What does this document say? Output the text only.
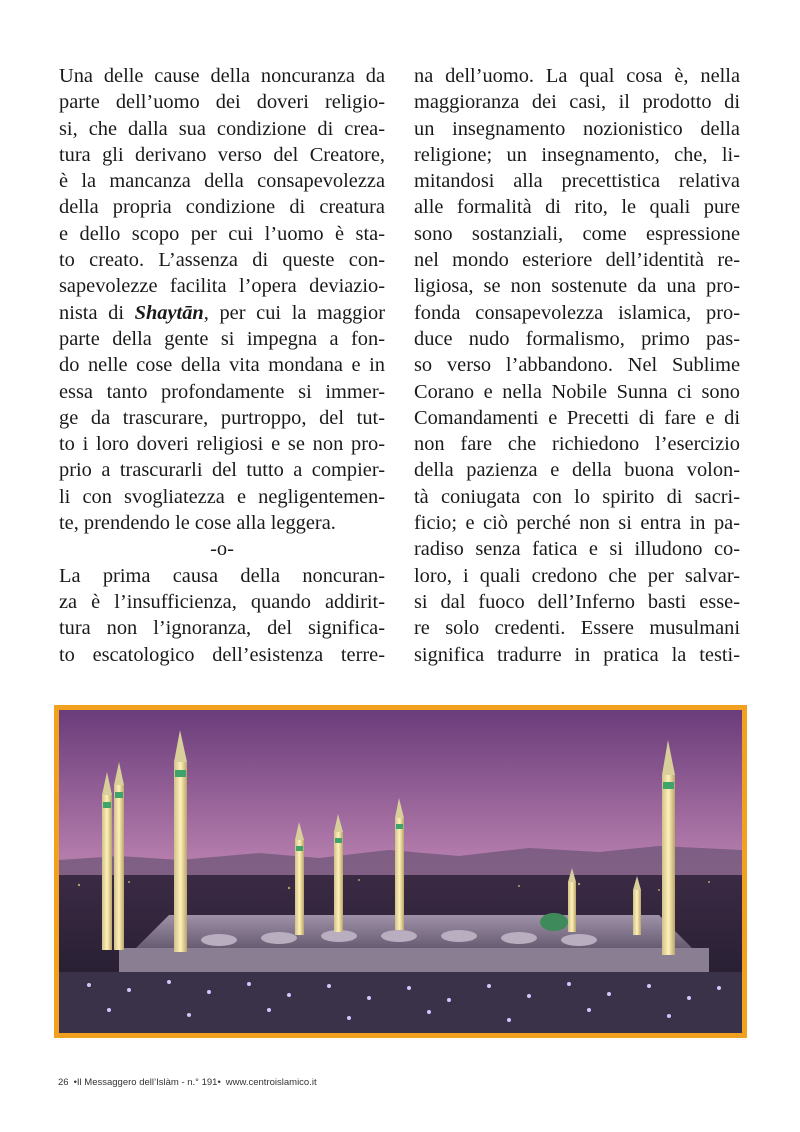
Una delle cause della noncuranza da
parte dell’uomo dei doveri religio-
si, che dalla sua condizione di crea-
tura gli derivano verso del Creatore,
è la mancanza della consapevolezza
della propria condizione di creatura
e dello scopo per cui l’uomo è sta-
to creato. L’assenza di queste con-
sapevolezze facilita l’opera deviazio-
nista di Shaytān, per cui la maggior
parte della gente si impegna a fon-
do nelle cose della vita mondana e in
essa tanto profondamente si immer-
ge da trascurare, purtroppo, del tut-
to i loro doveri religiosi e se non pro-
prio a trascurarli del tutto a compier-
li con svogliatezza e negligentemen-
te, prendendo le cose alla leggera.
-o-
La prima causa della noncuran-
za è l’insufficienza, quando addirit-
tura non l’ignoranza, del significa-
to escatologico dell’esistenza terre-
na dell’uomo. La qual cosa è, nella
maggioranza dei casi, il prodotto di
un insegnamento nozionistico della
religione; un insegnamento, che, li-
mitandosi alla precettistica relativa
alle formalità di rito, le quali pure
sono sostanziali, come espressione
nel mondo esteriore dell’identità re-
ligiosa, se non sostenute da una pro-
fonda consapevolezza islamica, pro-
duce nudo formalismo, primo pas-
so verso l’abbandono. Nel Sublime
Corano e nella Nobile Sunna ci sono
Comandamenti e Precetti di fare e di
non fare che richiedono l’esercizio
della pazienza e della buona volon-
tà coniugata con lo spirito di sacri-
ficio; e ciò perché non si entra in pa-
radiso senza fatica e si illudono co-
loro, i quali credono che per salvar-
si dal fuoco dell’Inferno basti esse-
re solo credenti. Essere musulmani
significa tradurre in pratica la testi-
26 •Il Messaggero dell’Islàm - n.° 191• www.centroislamico.it
